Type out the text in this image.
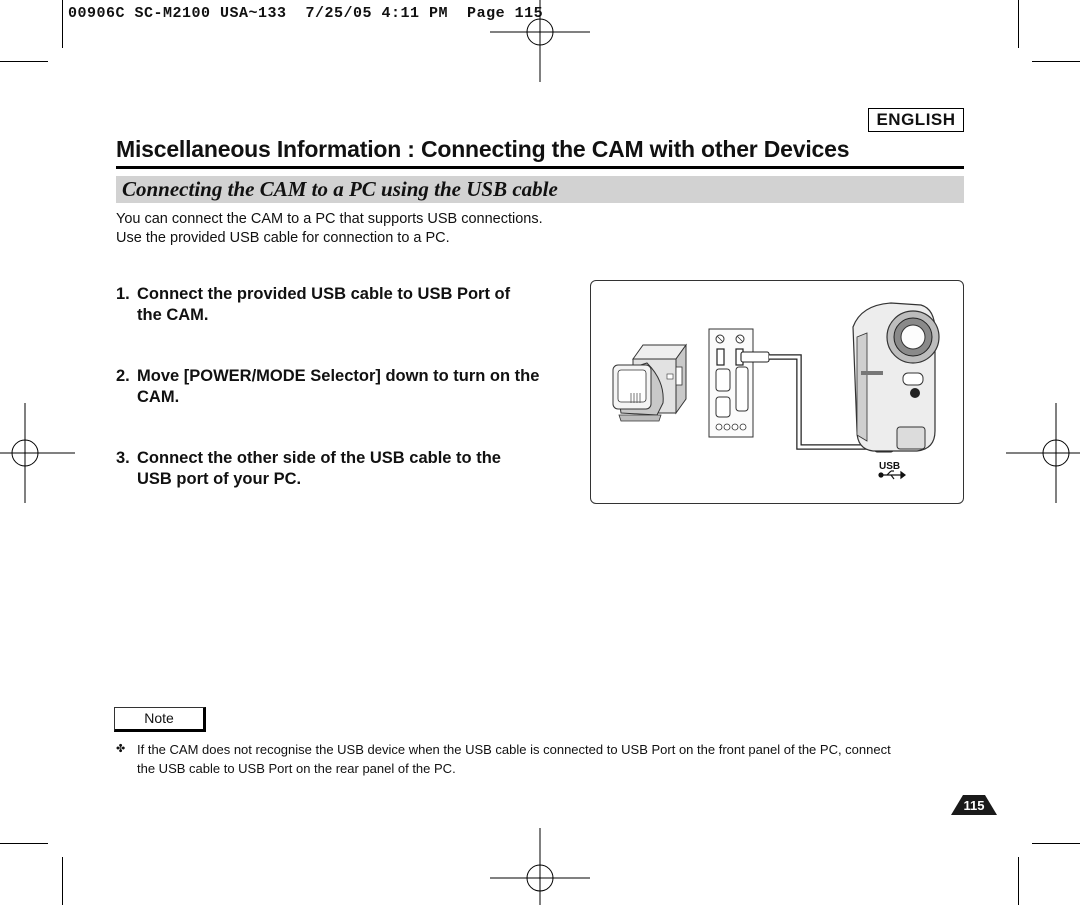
00906C SC-M2100 USA~133  7/25/05 4:11 PM  Page 115
ENGLISH
Miscellaneous Information : Connecting the CAM with other Devices
Connecting the CAM to a PC using the USB cable
You can connect the CAM to a PC that supports USB connections.
Use the provided USB cable for connection to a PC.
1. Connect the provided USB cable to USB Port of
the CAM.
2. Move [POWER/MODE Selector] down to turn on the
CAM.
3. Connect the other side of the USB cable to the
USB port of your PC.
USB
Note
✤ If the CAM does not recognise the USB device when the USB cable is connected to USB Port on the front panel of the PC, connect
the USB cable to USB Port on the rear panel of the PC.
115
